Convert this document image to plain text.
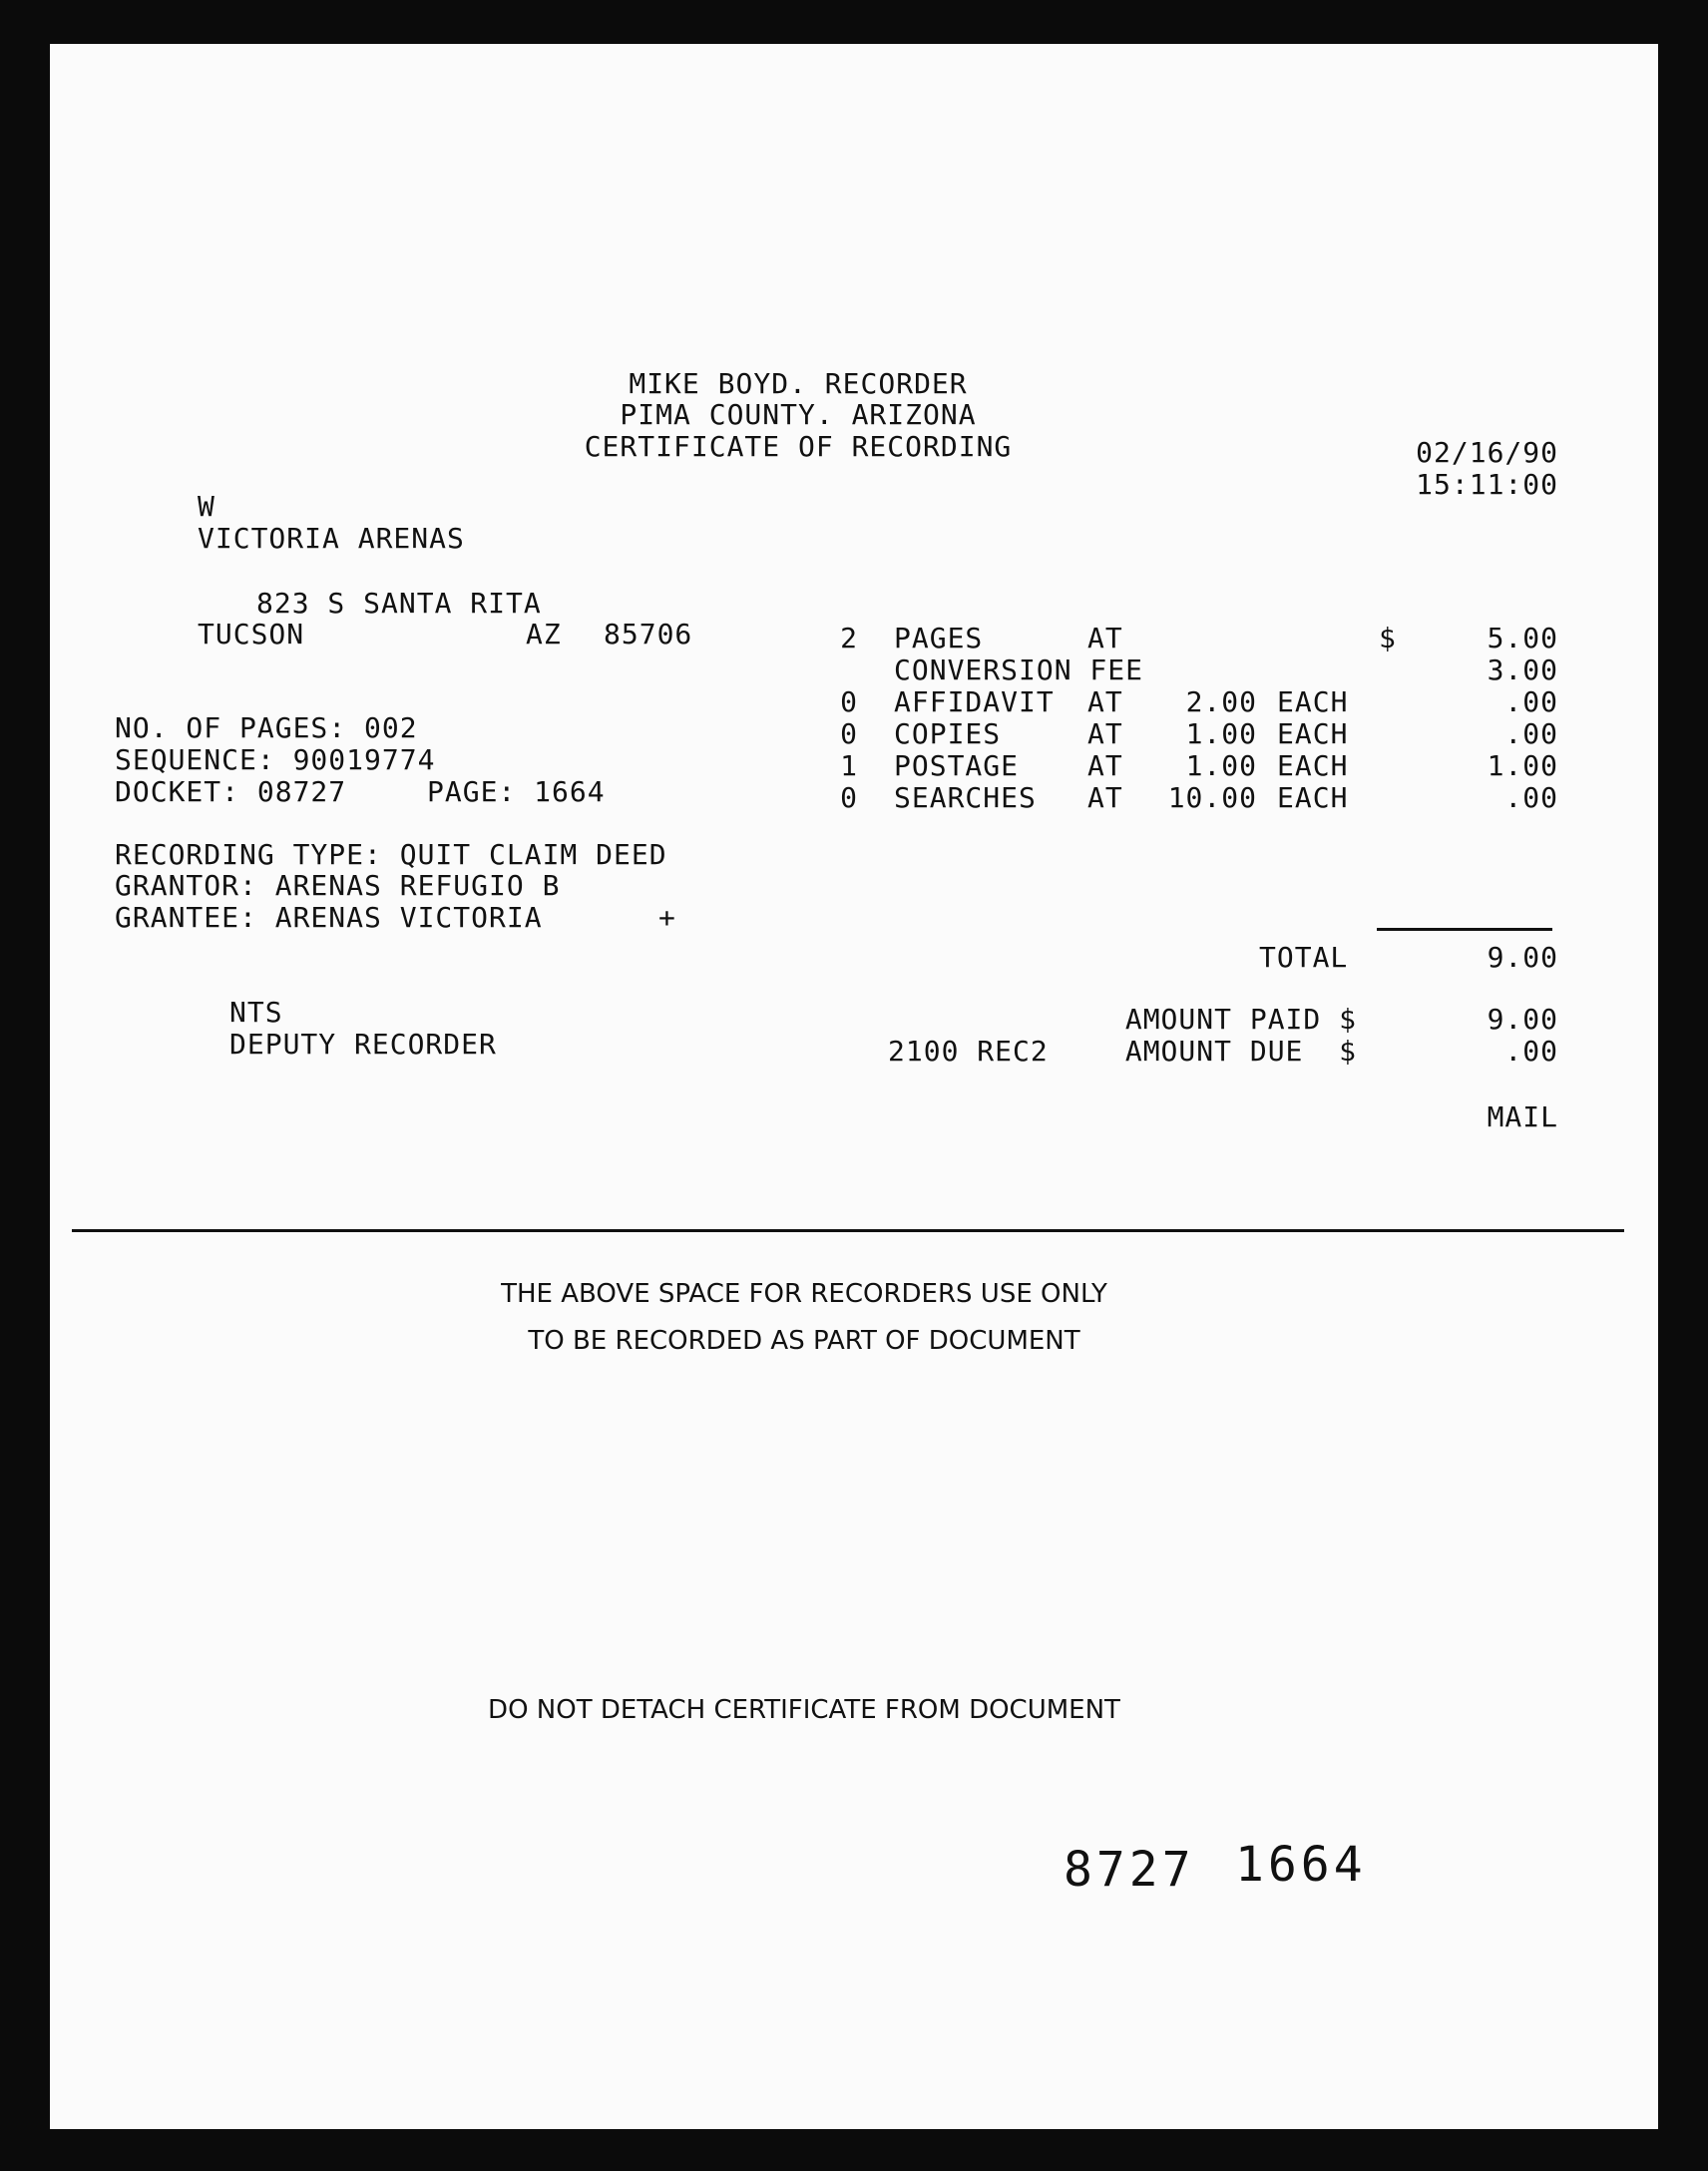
MIKE BOYD. RECORDER
PIMA COUNTY. ARIZONA
CERTIFICATE OF RECORDING	02/16/90
15:11:00
W
VICTORIA ARENAS
823 S SANTA RITA
TUCSON	AZ 85706
NO. OF PAGES: 002
SEQUENCE: 90019774
DOCKET: 08727	PAGE: 1664
RECORDING TYPE: QUIT CLAIM DEED
GRANTOR: ARENAS REFUGIO B
GRANTEE: ARENAS VICTORIA	+
2 PAGES	AT	$	5.00
CONVERSION FEE	3.00
0 AFFIDAVIT AT	2.00 EACH	.00
0 COPIES	AT	1.00 EACH	.00
1 POSTAGE AT	1.00 EACH	1.00
0 SEARCHES AT	10.00 EACH	.00
TOTAL	9.00
NTS
DEPUTY RECORDER
AMOUNT PAID $	9.00
2100 REC2	AMOUNT DUE  $	.00
MAIL
THE ABOVE SPACE FOR RECORDERS USE ONLY
TO BE RECORDED AS PART OF DOCUMENT
DO NOT DETACH CERTIFICATE FROM DOCUMENT
8727 1664
